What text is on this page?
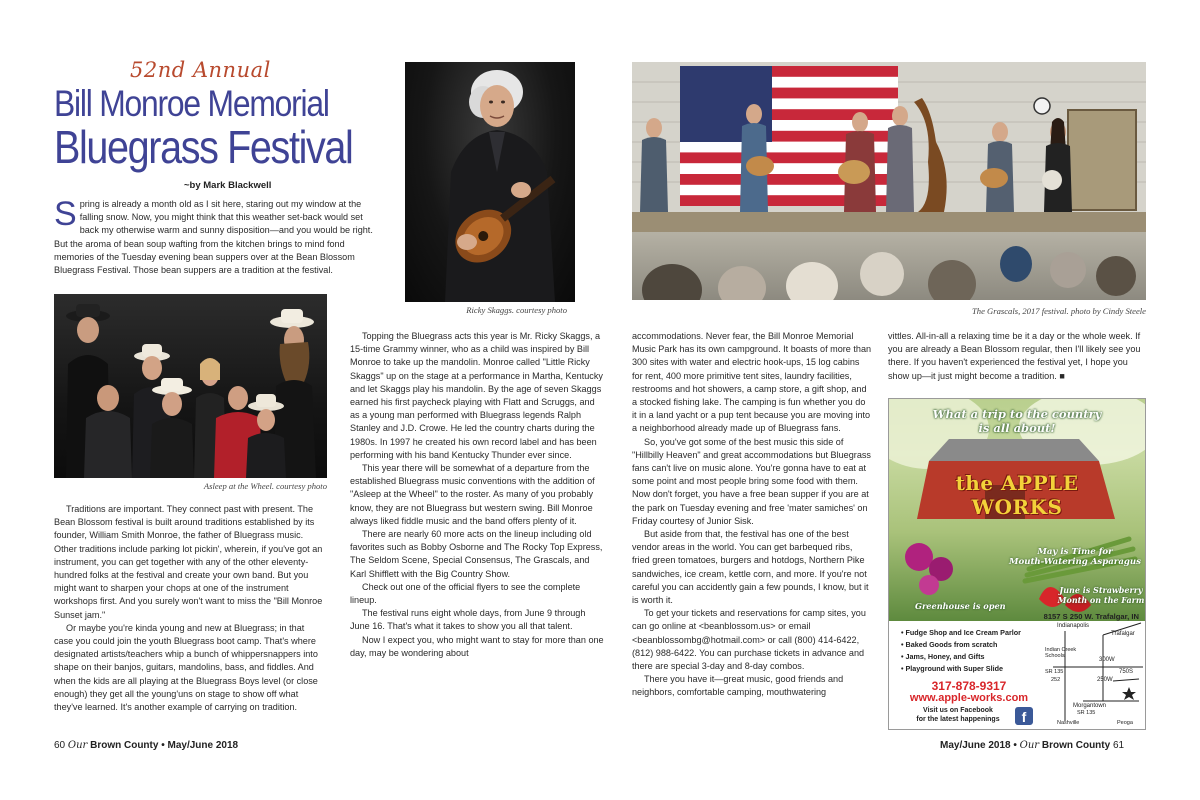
52nd Annual
Bill Monroe Memorial
Bluegrass Festival
~by Mark Blackwell
S pring is already a month old as I sit here, staring out my window at the falling snow. Now, you might think that this weather set-back would set back my otherwise warm and sunny disposition—and you would be right. But the aroma of bean soup wafting from the kitchen brings to mind fond memories of the Tuesday evening bean suppers over at the Bean Blossom Bluegrass Festival. Those bean suppers are a tradition at the festival.
Ricky Skaggs. courtesy photo
Asleep at the Wheel. courtesy photo
The Grascals, 2017 festival. photo by Cindy Steele

Traditions are important. They connect past with present. The Bean Blossom festival is built around traditions established by its founder, William Smith Monroe, the father of Bluegrass music. Other traditions include parking lot pickin', wherein, if you've got an instrument, you can get together with any of the other eleventy-hundred folks at the festival and create your own band. But you might want to sharpen your chops at one of the instrument workshops first. And you surely won't want to miss the "Bill Monroe Sunset jam."

Or maybe you're kinda young and new at Bluegrass; in that case you could join the youth Bluegrass boot camp. That's where designated artists/teachers whip a bunch of whippersnappers into shape on their banjos, guitars, mandolins, bass, and fiddles. And when the kids are all playing at the Bluegrass Boys level (or close enough) they get all the young'uns on stage to show off what they've learned. It's another example of carrying on tradition.

Topping the Bluegrass acts this year is Mr. Ricky Skaggs, a 15-time Grammy winner, who as a child was inspired by Bill Monroe to take up the mandolin. Monroe called "Little Ricky Skaggs" up on the stage at a performance in Martha, Kentucky and let Skaggs play his mandolin. By the age of seven Skaggs earned his first paycheck playing with Flatt and Scruggs, and as a young man performed with Bluegrass legends Ralph Stanley and J.D. Crowe. He led the country charts during the 1980s. In 1997 he created his own record label and has been performing with his band Kentucky Thunder ever since.

This year there will be somewhat of a departure from the established Bluegrass music conventions with the addition of "Asleep at the Wheel" to the roster. As many of you probably know, they are not Bluegrass but western swing. Bill Monroe always liked fiddle music and the band offers plenty of it.

There are nearly 60 more acts on the lineup including old favorites such as Bobby Osborne and The Rocky Top Express, The Seldom Scene, Special Consensus, The Grascals, and Karl Shifflett with the Big Country Show.

Check out one of the official flyers to see the complete lineup.

The festival runs eight whole days, from June 9 through June 16. That's what it takes to show you all that talent.

Now I expect you, who might want to stay for more than one day, may be wondering about

accommodations. Never fear, the Bill Monroe Memorial Music Park has its own campground. It boasts of more than 300 sites with water and electric hook-ups, 15 log cabins for rent, 400 more primitive tent sites, laundry facilities, restrooms and hot showers, a camp store, a gift shop, and a stocked fishing lake. The camping is fun whether you do it in a land yacht or a pup tent because you are moving into a neighborhood already made up of Bluegrass fans.

So, you've got some of the best music this side of "Hillbilly Heaven" and great accommodations but Bluegrass fans can't live on music alone. You're gonna have to eat at some point and most people bring some food with them. Now don't forget, you have a free bean supper if you are at the park on Tuesday evening and free 'mater samiches' on Friday courtesy of Junior Sisk.

But aside from that, the festival has one of the best vendor areas in the world. You can get barbequed ribs, fried green tomatoes, burgers and hotdogs, Northern Pike sandwiches, ice cream, kettle corn, and more. If you're not careful you can accidently gain a few pounds, I know, but it is worth it.

To get your tickets and reservations for camp sites, you can go online at <beanblossom.us> or email <beanblossombg@hotmail.com> or call (800) 414-6422, (812) 988-6422. You can purchase tickets in advance and there are special 3-day and 8-day combos.

There you have it—great music, good friends and neighbors, comfortable camping, mouthwatering

vittles. All-in-all a relaxing time be it a day or the whole week. If you are already a Bean Blossom regular, then I'll likely see you there. If you haven't experienced the festival yet, I hope you show up—it just might become a tradition. ■

What a trip to the country
is all about!
the APPLE WORKS
May is Time for
Mouth-Watering Asparagus
June is Strawberry
Month on the Farm
Greenhouse is open
8157 S 250 W. Trafalgar, IN
• Fudge Shop and Ice Cream Parlor
• Baked Goods from scratch
• Jams, Honey, and Gifts
• Playground with Super Slide
317-878-9317
www.apple-works.com
Visit us on Facebook
for the latest happenings	f
Indianapolis
Trafalgar
Indian Creek
Schools
300W
SR 135
252	250W
750S
Morgantown
SR 135
Nashville	Peoga
60 Our Brown County • May/June 2018	May/June 2018 • Our Brown County 61
